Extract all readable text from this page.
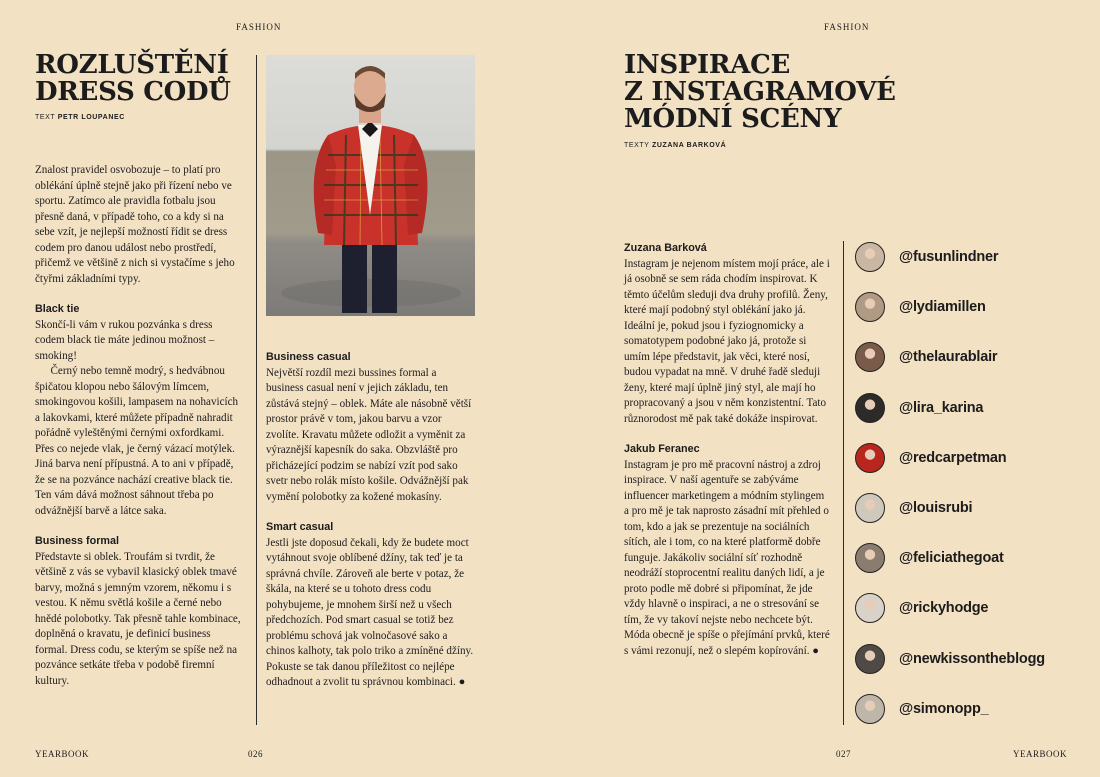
FASHION
ROZLUŠTĚNÍ
DRESS CODŮ
TEXT PETR LOUPANEC

Znalost pravidel osvobozuje – to platí pro oblékání úplně stejně jako při řízení nebo ve sportu. Zatímco ale pravidla fotbalu jsou přesně daná, v případě toho, co a kdy si na sebe vzít, je nejlepší možností řídit se dress codem pro danou událost nebo prostředí, přičemž ve většině z nich si vystačíme s jeho čtyřmi základními typy.

Black tie

Skončí-li vám v rukou pozvánka s dress codem black tie máte jedinou možnost – smoking!

Černý nebo temně modrý, s hedvábnou špičatou klopou nebo šálovým límcem, smokingovou košili, lampasem na nohavicích a lakovkami, které můžete případně nahradit pořádně vyleštěnými černými oxfordkami. Přes co nejede vlak, je černý vázací motýlek. Jiná barva není přípustná. A to ani v případě, že se na pozvánce nachází creative black tie. Ten vám dává možnost sáhnout třeba po odvážnější barvě a látce saka.

Business formal

Představte si oblek. Troufám si tvrdit, že většině z vás se vybavil klasický oblek tmavé barvy, možná s jemným vzorem, někomu i s vestou. K němu světlá košile a černé nebo hnědé polobotky. Tak přesně tahle kombinace, doplněná o kravatu, je definicí business formal. Dress codu, se kterým se spíše než na pozvánce setkáte třeba v podobě firemní kultury.

Business casual

Největší rozdíl mezi bussines formal a business casual není v jejich základu, ten zůstává stejný – oblek. Máte ale násobně větší prostor právě v tom, jakou barvu a vzor zvolíte. Kravatu můžete odložit a vyměnit za výraznější kapesník do saka. Obzvláště pro přicházející podzim se nabízí vzít pod sako svetr nebo rolák místo košile. Odvážnější pak vymění polobotky za kožené mokasíny.

Smart casual

Jestli jste doposud čekali, kdy že budete moct vytáhnout svoje oblíbené džíny, tak teď je ta správná chvíle. Zároveň ale berte v potaz, že škála, na které se u tohoto dress codu pohybujeme, je mnohem širší než u všech předchozích. Pod smart casual se totiž bez problému schová jak volnočasové sako a chinos kalhoty, tak polo triko a zmíněné džíny. Pokuste se tak danou příležitost co nejlépe odhadnout a zvolit tu správnou kombinaci. ●

YEARBOOK	026
FASHION
INSPIRACE
Z INSTAGRAMOVÉ
MÓDNÍ SCÉNY
TEXTY ZUZANA BARKOVÁ
Zuzana Barková

Instagram je nejenom místem mojí práce, ale i já osobně se sem ráda chodím inspirovat. K těmto účelům sleduji dva druhy profilů. Ženy, které mají podobný styl oblékání jako já. Ideální je, pokud jsou i fyziognomicky a somatotypem podobné jako já, protože si umím lépe představit, jak věci, které nosí, budou vypadat na mně. V druhé řadě sleduji ženy, které mají úplně jiný styl, ale mají ho propracovaný a jsou v něm konzistentní. Tato různorodost mě pak také dokáže inspirovat.

Jakub Feranec

Instagram je pro mě pracovní nástroj a zdroj inspirace. V naší agentuře se zabýváme influencer marketingem a módním stylingem a pro mě je tak naprosto zásadní mít přehled o tom, kdo a jak se prezentuje na sociálních sítích, ale i tom, co na které platformě dobře funguje. Jakákoliv sociální síť rozhodně neodráží stoprocentní realitu daných lidí, a je proto podle mě dobré si připomínat, že jde vždy hlavně o inspiraci, a ne o stresování se tím, že vy takoví nejste nebo nechcete být. Móda obecně je spíše o přejímání prvků, které s vámi rezonují, než o slepém kopírování. ●

@fusunlindner
@lydiamillen
@thelaurablair
@lira_karina
@redcarpetman
@louisrubi
@feliciathegoat
@rickyhodge
@newkissontheblogg
@simonopp_
027	YEARBOOK
